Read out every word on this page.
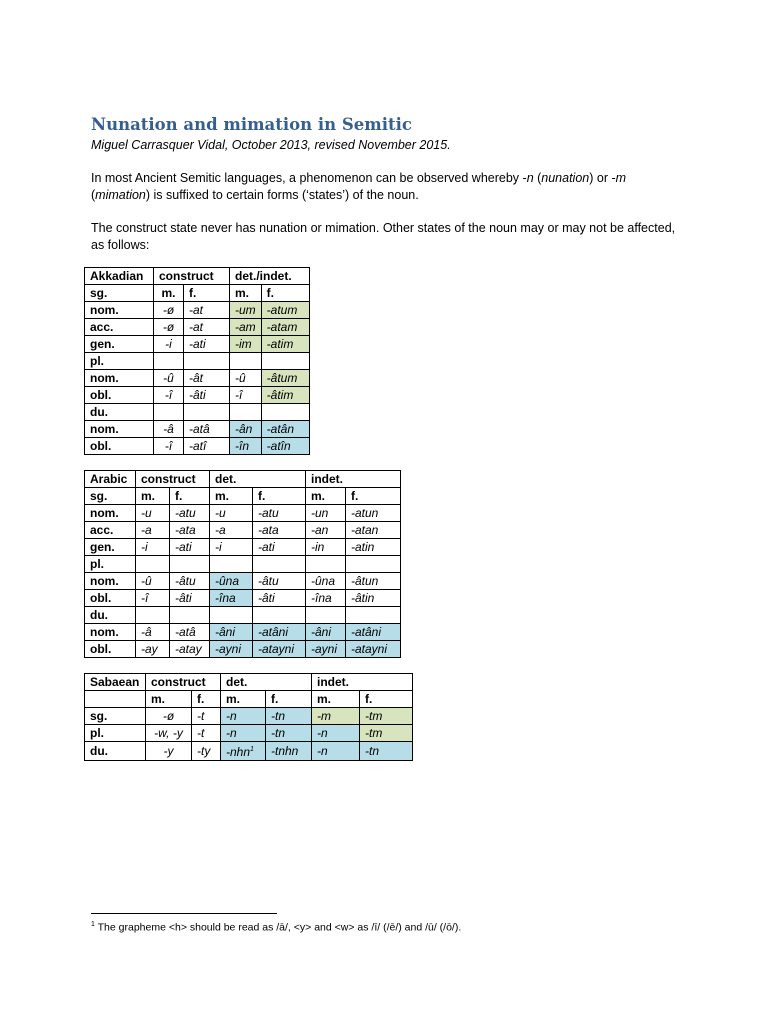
Nunation and mimation in Semitic
Miguel Carrasquer Vidal, October 2013, revised November 2015.
In most Ancient Semitic languages, a phenomenon can be observed whereby -n (nunation) or -m
(mimation) is suffixed to certain forms (‘states’) of the noun.
The construct state never has nunation or mimation. Other states of the noun may or may not be affected, as follows:
Akkadian	construct		det./indet.	
sg.	m.	f.	m.	f.
nom.	-ø	-at	-um	-atum
acc.	-ø	-at	-am	-atam
gen.	-i	-ati	-im	-atim
pl.				
nom.	-û	-ât	-û	-âtum
obl.	-î	-âti	-î	-âtim
du.				
nom.	-â	-atâ	-ân	-atân
obl.	-î	-atî	-în	-atîn
Arabic	construct		det.		indet.	
sg.	m.	f.	m.	f.	m.	f.
nom.	-u	-atu	-u	-atu	-un	-atun
acc.	-a	-ata	-a	-ata	-an	-atan
gen.	-i	-ati	-i	-ati	-in	-atin
pl.						
nom.	-û	-âtu	-ûna	-âtu	-ûna	-âtun
obl.	-î	-âti	-îna	-âti	-îna	-âtin
du.						
nom.	-â	-atâ	-âni	-atâni	-âni	-atâni
obl.	-ay	-atay	-ayni	-atayni	-ayni	-atayni
Sabaean	construct		det.		indet.	
	m.	f.	m.	f.	m.	f.
sg.	-ø	-t	-n	-tn	-m	-tm
pl.	-w, -y	-t	-n	-tn	-n	-tm
du.	-y	-ty	-nhn$^1$	-tnhn	-n	-tn
$^1$ The grapheme <h> should be read as /ā/, <y> and <w> as /ī/ (/ē/) and /ū/ (/ō/).
